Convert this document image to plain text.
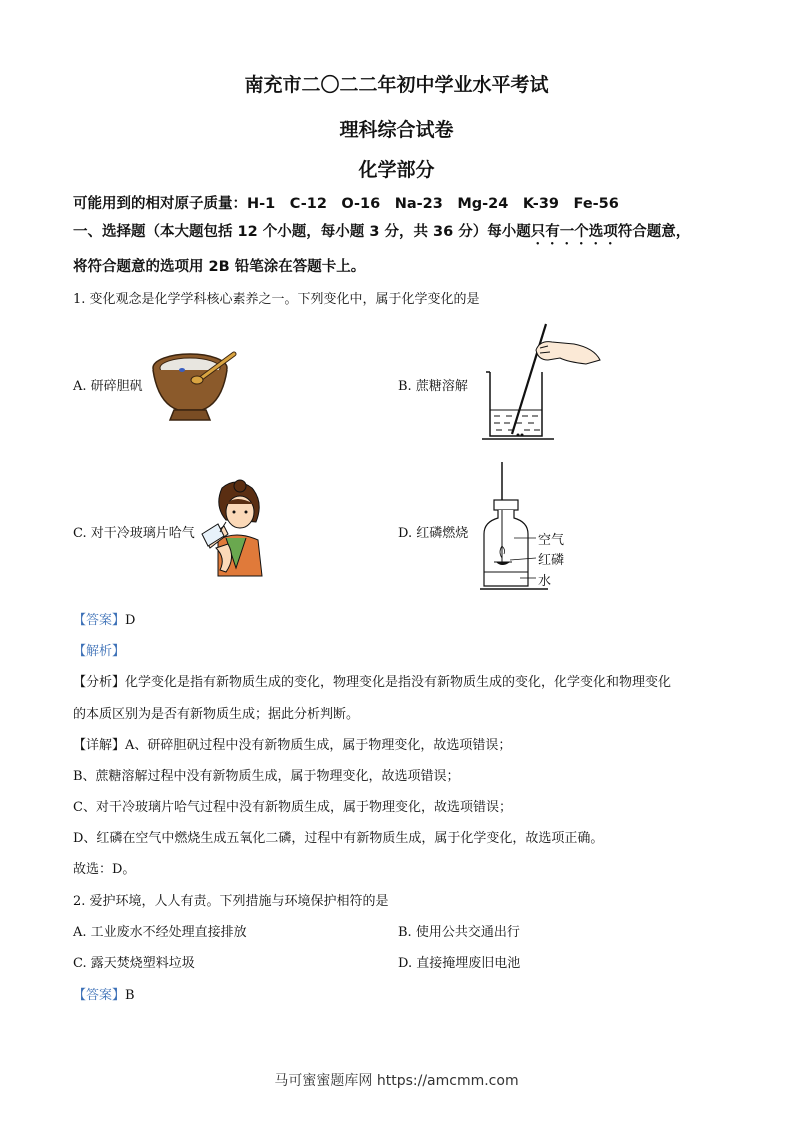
南充市二〇二二年初中学业水平考试
理科综合试卷
化学部分
可能用到的相对原子质量：H-1　C-12　O-16　Na-23　Mg-24　K-39　Fe-56
一、选择题（本大题包括 12 个小题，每小题 3 分，共 36 分）每小题只有一个选项符合题意，
将符合题意的选项用 2B 铅笔涂在答题卡上。
1. 变化观念是化学学科核心素养之一。下列变化中，属于化学变化的是
A. 研碎胆矾	B. 蔗糖溶解
C. 对干冷玻璃片哈气	D. 红磷燃烧	空气
红磷
水
【答案】D
【解析】
【分析】化学变化是指有新物质生成的变化，物理变化是指没有新物质生成的变化，化学变化和物理变化
的本质区别为是否有新物质生成；据此分析判断。
【详解】A、研碎胆矾过程中没有新物质生成，属于物理变化，故选项错误；
B、蔗糖溶解过程中没有新物质生成，属于物理变化，故选项错误；
C、对干冷玻璃片哈气过程中没有新物质生成，属于物理变化，故选项错误；
D、红磷在空气中燃烧生成五氧化二磷，过程中有新物质生成，属于化学变化，故选项正确。
故选：D。
2. 爱护环境，人人有责。下列措施与环境保护相符的是
A. 工业废水不经处理直接排放	B. 使用公共交通出行
C. 露天焚烧塑料垃圾	D. 直接掩埋废旧电池
【答案】B
马可蜜蜜题库网 https://amcmm.com
